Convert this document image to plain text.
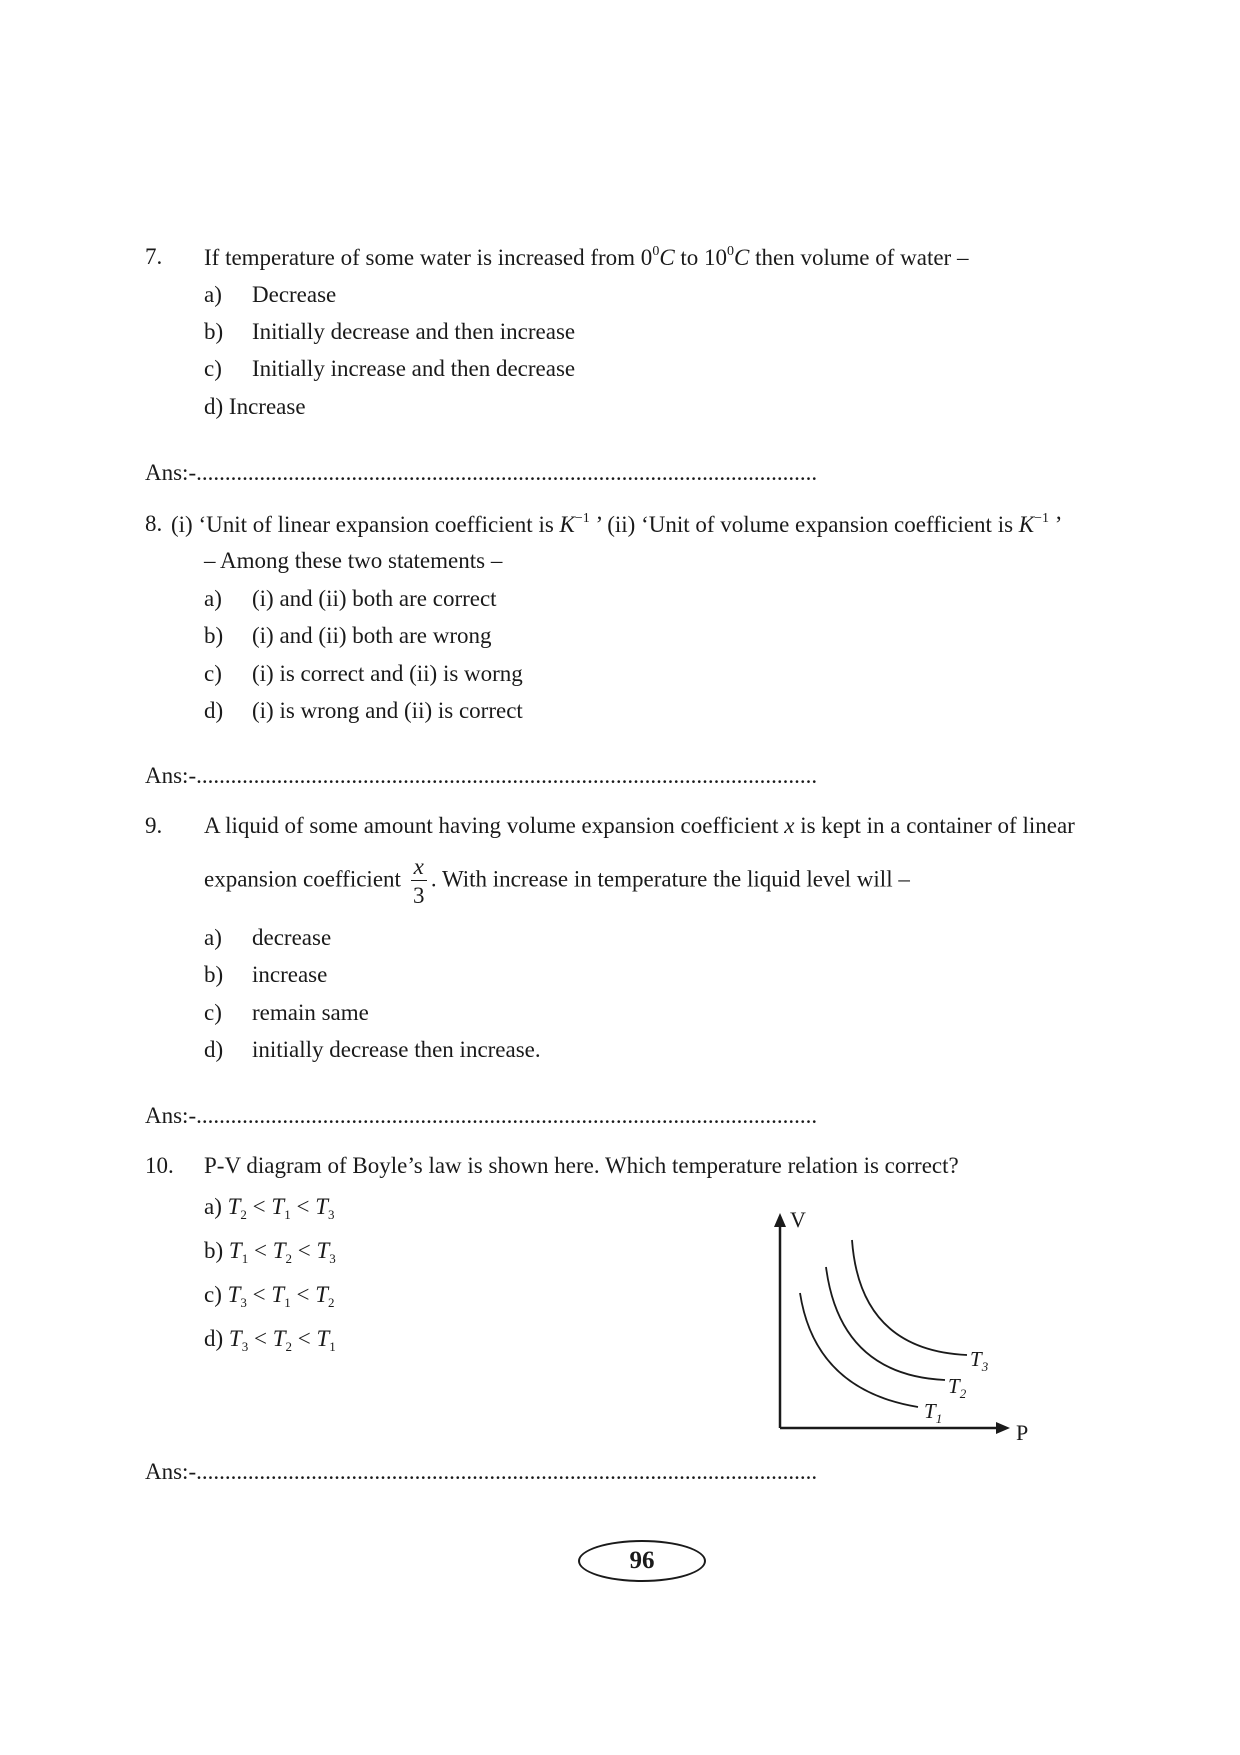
7. If temperature of some water is increased from $0^0C$ to $10^0C$ then volume of water –
a) Decrease
b) Initially decrease and then increase
c) Initially increase and then decrease
d) Increase
Ans:-............................................................................................................
8. (i) ‘Unit of linear expansion coefficient is $K^{-1}$ ’ (ii) ‘Unit of volume expansion coefficient is $K^{-1}$ ’
– Among these two statements –
a) (i) and (ii) both are correct
b) (i) and (ii) both are wrong
c) (i) is correct and (ii) is worng
d) (i) is wrong and (ii) is correct
Ans:-............................................................................................................
9. A liquid of some amount having volume expansion coefficient x is kept in a container of linear
expansion coefficient $\frac{x}{3}$ . With increase in temperature the liquid level will –
a) decrease
b) increase
c) remain same
d) initially decrease then increase.
Ans:-............................................................................................................
10. P-V diagram of Boyle’s law is shown here. Which temperature relation is correct?
a) $T_2 < T_1 < T_3$
b) $T_1 < T_2 < T_3$
c) $T_3 < T_1 < T_2$
d) $T_3 < T_2 < T_1$
V
P
$T_1$
$T_2$
$T_3$
Ans:-............................................................................................................
96
